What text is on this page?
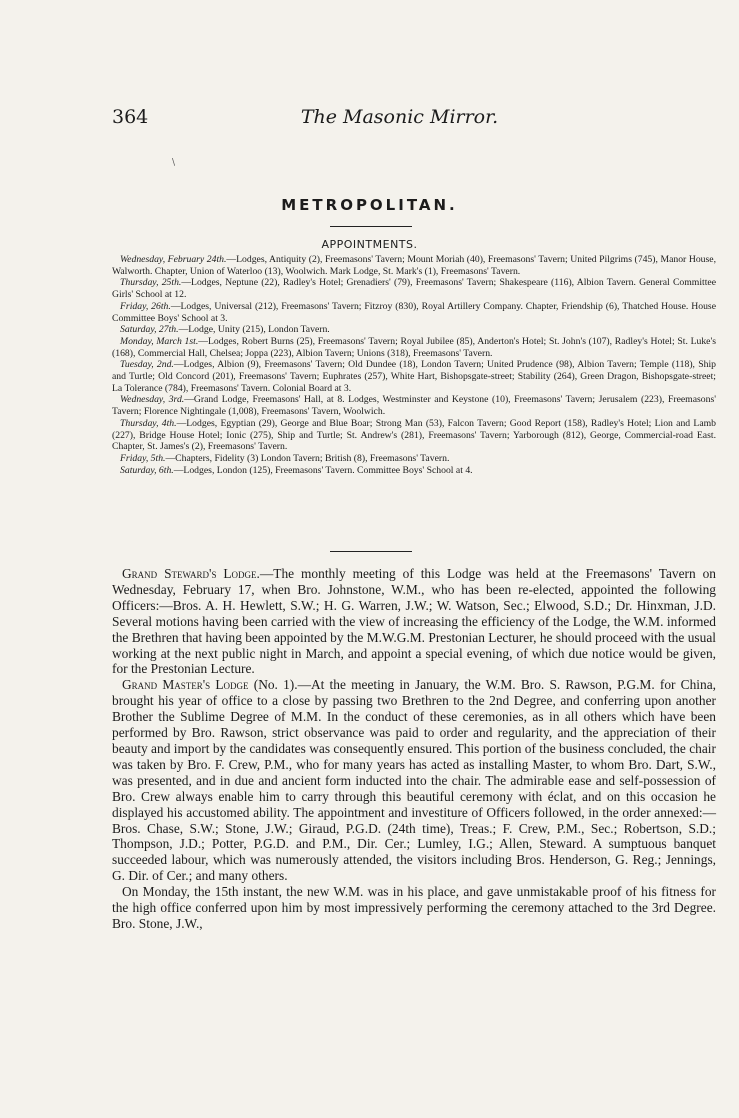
364	The Masonic Mirror.
\
METROPOLITAN.
APPOINTMENTS.

Wednesday, February 24th.—Lodges, Antiquity (2), Freemasons' Tavern; Mount Moriah (40), Freemasons' Tavern; United Pilgrims (745), Manor House, Walworth. Chapter, Union of Waterloo (13), Woolwich. Mark Lodge, St. Mark's (1), Freemasons' Tavern.

Thursday, 25th.—Lodges, Neptune (22), Radley's Hotel; Grenadiers' (79), Freemasons' Tavern; Shakespeare (116), Albion Tavern. General Committee Girls' School at 12.

Friday, 26th.—Lodges, Universal (212), Freemasons' Tavern; Fitzroy (830), Royal Artillery Company. Chapter, Friendship (6), Thatched House. House Committee Boys' School at 3.

Saturday, 27th.—Lodge, Unity (215), London Tavern.

Monday, March 1st.—Lodges, Robert Burns (25), Freemasons' Tavern; Royal Jubilee (85), Anderton's Hotel; St. John's (107), Radley's Hotel; St. Luke's (168), Commercial Hall, Chelsea; Joppa (223), Albion Tavern; Unions (318), Freemasons' Tavern.

Tuesday, 2nd.—Lodges, Albion (9), Freemasons' Tavern; Old Dundee (18), London Tavern; United Prudence (98), Albion Tavern; Temple (118), Ship and Turtle; Old Concord (201), Freemasons' Tavern; Euphrates (257), White Hart, Bishopsgate-street; Stability (264), Green Dragon, Bishopsgate-street; La Tolerance (784), Freemasons' Tavern. Colonial Board at 3.

Wednesday, 3rd.—Grand Lodge, Freemasons' Hall, at 8. Lodges, Westminster and Keystone (10), Freemasons' Tavern; Jerusalem (223), Freemasons' Tavern; Florence Nightingale (1,008), Freemasons' Tavern, Woolwich.

Thursday, 4th.—Lodges, Egyptian (29), George and Blue Boar; Strong Man (53), Falcon Tavern; Good Report (158), Radley's Hotel; Lion and Lamb (227), Bridge House Hotel; Ionic (275), Ship and Turtle; St. Andrew's (281), Freemasons' Tavern; Yarborough (812), George, Commercial-road East. Chapter, St. James's (2), Freemasons' Tavern.

Friday, 5th.—Chapters, Fidelity (3) London Tavern; British (8), Freemasons' Tavern.

Saturday, 6th.—Lodges, London (125), Freemasons' Tavern. Committee Boys' School at 4.

Grand Steward's Lodge.—The monthly meeting of this Lodge was held at the Freemasons' Tavern on Wednesday, February 17, when Bro. Johnstone, W.M., who has been re-elected, appointed the following Officers:—Bros. A. H. Hewlett, S.W.; H. G. Warren, J.W.; W. Watson, Sec.; Elwood, S.D.; Dr. Hinxman, J.D. Several motions having been carried with the view of increasing the efficiency of the Lodge, the W.M. informed the Brethren that having been appointed by the M.W.G.M. Prestonian Lecturer, he should proceed with the usual working at the next public night in March, and appoint a special evening, of which due notice would be given, for the Prestonian Lecture.

Grand Master's Lodge (No. 1).—At the meeting in January, the W.M. Bro. S. Rawson, P.G.M. for China, brought his year of office to a close by passing two Brethren to the 2nd Degree, and conferring upon another Brother the Sublime Degree of M.M. In the conduct of these ceremonies, as in all others which have been performed by Bro. Rawson, strict observance was paid to order and regularity, and the appreciation of their beauty and import by the candidates was consequently ensured. This portion of the business concluded, the chair was taken by Bro. F. Crew, P.M., who for many years has acted as installing Master, to whom Bro. Dart, S.W., was presented, and in due and ancient form inducted into the chair. The admirable ease and self-possession of Bro. Crew always enable him to carry through this beautiful ceremony with éclat, and on this occasion he displayed his accustomed ability. The appointment and investiture of Officers followed, in the order annexed:—Bros. Chase, S.W.; Stone, J.W.; Giraud, P.G.D. (24th time), Treas.; F. Crew, P.M., Sec.; Robertson, S.D.; Thompson, J.D.; Potter, P.G.D. and P.M., Dir. Cer.; Lumley, I.G.; Allen, Steward. A sumptuous banquet succeeded labour, which was numerously attended, the visitors including Bros. Henderson, G. Reg.; Jennings, G. Dir. of Cer.; and many others.

On Monday, the 15th instant, the new W.M. was in his place, and gave unmistakable proof of his fitness for the high office conferred upon him by most impressively performing the ceremony attached to the 3rd Degree. Bro. Stone, J.W.,
